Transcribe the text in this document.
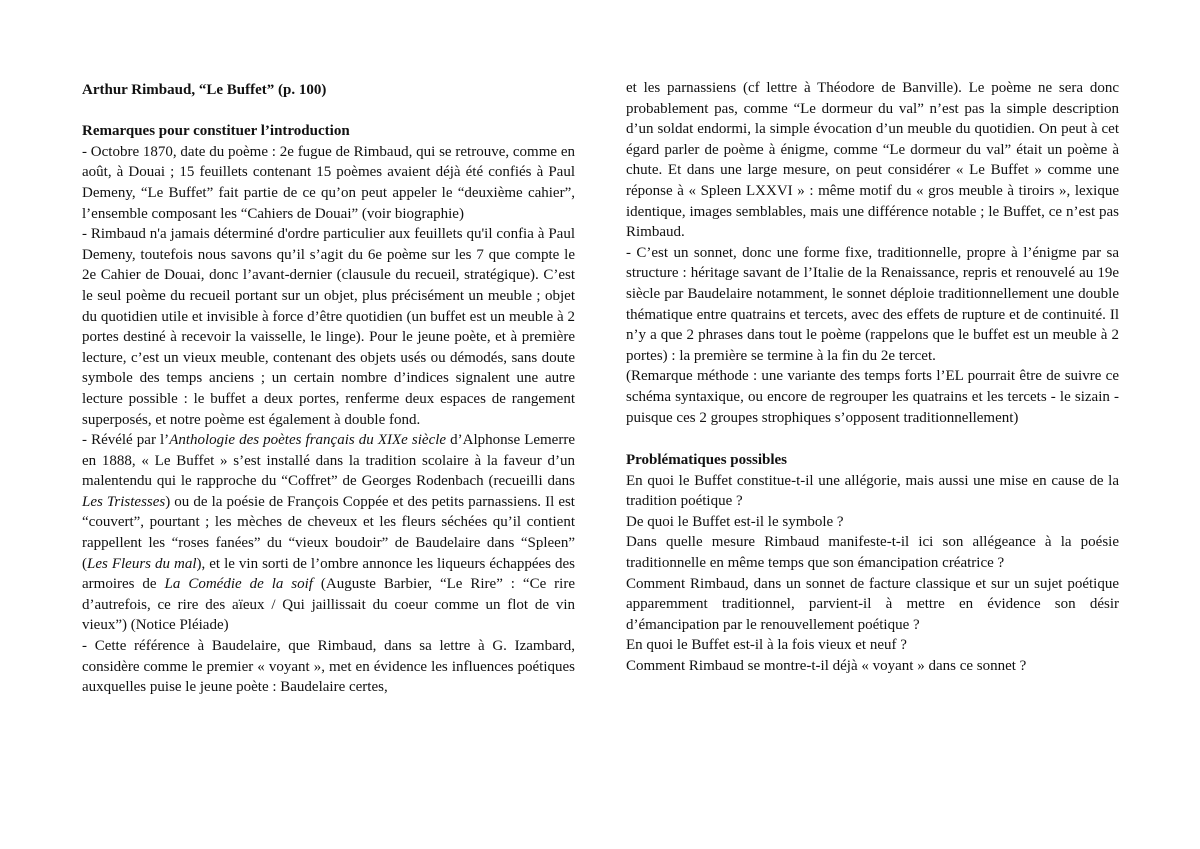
Arthur Rimbaud, “Le Buffet” (p. 100)

Remarques pour constituer l’introduction

- Octobre 1870, date du poème : 2e fugue de Rimbaud, qui se retrouve, comme en août, à Douai ; 15 feuillets contenant 15 poèmes avaient déjà été confiés à Paul Demeny, “Le Buffet” fait partie de ce qu’on peut appeler le “deuxième cahier”, l’ensemble composant les “Cahiers de Douai” (voir biographie)

- Rimbaud n'a jamais déterminé d'ordre particulier aux feuillets qu'il confia à Paul Demeny, toutefois nous savons qu’il s’agit du 6e poème sur les 7 que compte le 2e Cahier de Douai, donc l’avant-dernier (clausule du recueil, stratégique). C’est le seul poème du recueil portant sur un objet, plus précisément un meuble ; objet du quotidien utile et invisible à force d’être quotidien (un buffet est un meuble à 2 portes destiné à recevoir la vaisselle, le linge). Pour le jeune poète, et à première lecture, c’est un vieux meuble, contenant des objets usés ou démodés, sans doute symbole des temps anciens ; un certain nombre d’indices signalent une autre lecture possible : le buffet a deux portes, renferme deux espaces de rangement superposés, et notre poème est également à double fond.

- Révélé par l’Anthologie des poètes français du XIXe siècle d’Alphonse Lemerre en 1888, « Le Buffet » s’est installé dans la tradition scolaire à la faveur d’un malentendu qui le rapproche du “Coffret” de Georges Rodenbach (recueilli dans Les Tristesses) ou de la poésie de François Coppée et des petits parnassiens. Il est “couvert”, pourtant ; les mèches de cheveux et les fleurs séchées qu’il contient rappellent les “roses fanées” du “vieux boudoir” de Baudelaire dans “Spleen” (Les Fleurs du mal), et le vin sorti de l’ombre annonce les liqueurs échappées des armoires de La Comédie de la soif (Auguste Barbier, “Le Rire” : “Ce rire d’autrefois, ce rire des aïeux / Qui jaillissait du coeur comme un flot de vin vieux”) (Notice Pléiade)

- Cette référence à Baudelaire, que Rimbaud, dans sa lettre à G. Izambard, considère comme le premier « voyant », met en évidence les influences poétiques auxquelles puise le jeune poète : Baudelaire certes,

et les parnassiens (cf lettre à Théodore de Banville). Le poème ne sera donc probablement pas, comme “Le dormeur du val” n’est pas la simple description d’un soldat endormi, la simple évocation d’un meuble du quotidien. On peut à cet égard parler de poème à énigme, comme “Le dormeur du val” était un poème à chute. Et dans une large mesure, on peut considérer « Le Buffet » comme une réponse à « Spleen LXXVI » : même motif du « gros meuble à tiroirs », lexique identique, images semblables, mais une différence notable ; le Buffet, ce n’est pas Rimbaud.

- C’est un sonnet, donc une forme fixe, traditionnelle, propre à l’énigme par sa structure : héritage savant de l’Italie de la Renaissance, repris et renouvelé au 19e siècle par Baudelaire notamment, le sonnet déploie traditionnellement une double thématique entre quatrains et tercets, avec des effets de rupture et de continuité. Il n’y a que 2 phrases dans tout le poème (rappelons que le buffet est un meuble à 2 portes) : la première se termine à la fin du 2e tercet.

(Remarque méthode : une variante des temps forts l’EL pourrait être de suivre ce schéma syntaxique, ou encore de regrouper les quatrains et les tercets - le sizain - puisque ces 2 groupes strophiques s’opposent traditionnellement)

Problématiques possibles

En quoi le Buffet constitue-t-il une allégorie, mais aussi une mise en cause de la tradition poétique ?

De quoi le Buffet est-il le symbole ?

Dans quelle mesure Rimbaud manifeste-t-il ici son allégeance à la poésie traditionnelle en même temps que son émancipation créatrice ?

Comment Rimbaud, dans un sonnet de facture classique et sur un sujet poétique apparemment traditionnel, parvient-il à mettre en évidence son désir d’émancipation par le renouvellement poétique ?

En quoi le Buffet est-il à la fois vieux et neuf ?

Comment Rimbaud se montre-t-il déjà « voyant » dans ce sonnet ?
